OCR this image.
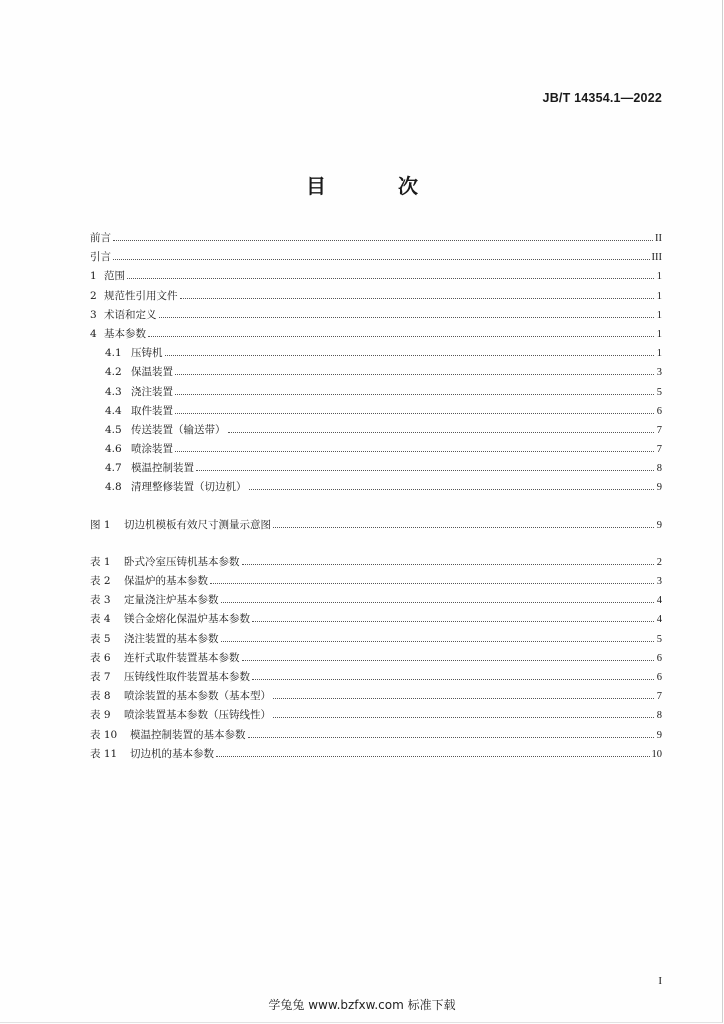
JB/T 14354.1—2022
目　次
前言	II
引言	III
1 范围	1
2 规范性引用文件	1
3 术语和定义	1
4 基本参数	1
4.1 压铸机	1
4.2 保温装置	3
4.3 浇注装置	5
4.4 取件装置	6
4.5 传送装置（输送带）	7
4.6 喷涂装置	7
4.7 模温控制装置	8
4.8 清理整修装置（切边机）	9
图 1	切边机模板有效尺寸测量示意图	9
表 1	卧式冷室压铸机基本参数	2
表 2	保温炉的基本参数	3
表 3	定量浇注炉基本参数	4
表 4	镁合金熔化保温炉基本参数	4
表 5	浇注装置的基本参数	5
表 6	连杆式取件装置基本参数	6
表 7	压铸线性取件装置基本参数	6
表 8	喷涂装置的基本参数（基本型）	7
表 9	喷涂装置基本参数（压铸线性）	8
表 10	模温控制装置的基本参数	9
表 11	切边机的基本参数	10
I
学兔兔 www.bzfxw.com 标准下载
